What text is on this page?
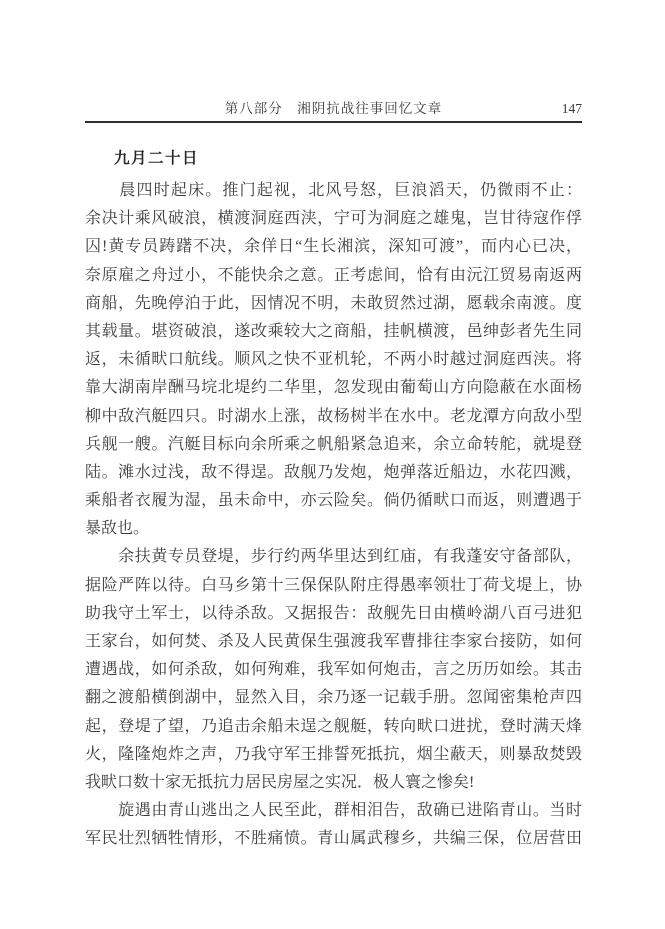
第八部分　湘阴抗战往事回忆文章	147
九月二十日
　　晨四时起床。推门起视，北风号怒，巨浪滔天，仍微雨不止：
余决计乘风破浪，横渡洞庭西浃，宁可为洞庭之雄鬼，岂甘待寇作俘
囚!黄专员踌躇不决，余佯日“生长湘滨，深知可渡”，而内心已决，
奈原雇之舟过小，不能快余之意。正考虑间，恰有由沅江贸易南返两
商船，先晚停泊于此，因情况不明，未敢贸然过湖，愿载余南渡。度
其载量。堪资破浪，遂改乘较大之商船，挂帆横渡，邑绅彭者先生同
返，未循畎口航线。顺风之快不亚机轮，不两小时越过洞庭西浃。将
靠大湖南岸酬马垸北堤约二华里，忽发现由葡萄山方向隐蔽在水面杨
柳中敌汽艇四只。时湖水上涨，故杨树半在水中。老龙潭方向敌小型
兵舰一艘。汽艇目标向余所乘之帆船紧急追来，余立命转舵，就堤登
陆。滩水过浅，敌不得逞。敌舰乃发炮，炮弹落近船边，水花四溅，
乘船者衣履为湿，虽未命中，亦云险矣。倘仍循畎口而返，则遭遇于
暴敌也。
　　余扶黄专员登堤，步行约两华里达到红庙，有我蓬安守备部队，
据险严阵以待。白马乡第十三保保队附庄得愚率领壮丁荷戈堤上，协
助我守土军士，以待杀敌。又据报告：敌舰先日由横岭湖八百弓进犯
王家台，如何焚、杀及人民黄保生强渡我军曹排往李家台接防，如何
遭遇战，如何杀敌，如何殉难，我军如何炮击，言之历历如绘。其击
翻之渡船横倒湖中，显然入目，余乃逐一记载手册。忽闻密集枪声四
起，登堤了望，乃追击余船未逞之舰艇，转向畎口进扰，登时满天烽
火，隆隆炮炸之声，乃我守军王排誓死抵抗，烟尘蔽天，则暴敌焚毁
我畎口数十家无抵抗力居民房屋之实况．极人寰之惨矣!
　　旋遇由青山逃出之人民至此，群相泪告，敌确已进陷青山。当时
军民壮烈牺牲情形，不胜痛愤。青山属武穆乡，共编三保，位居营田
